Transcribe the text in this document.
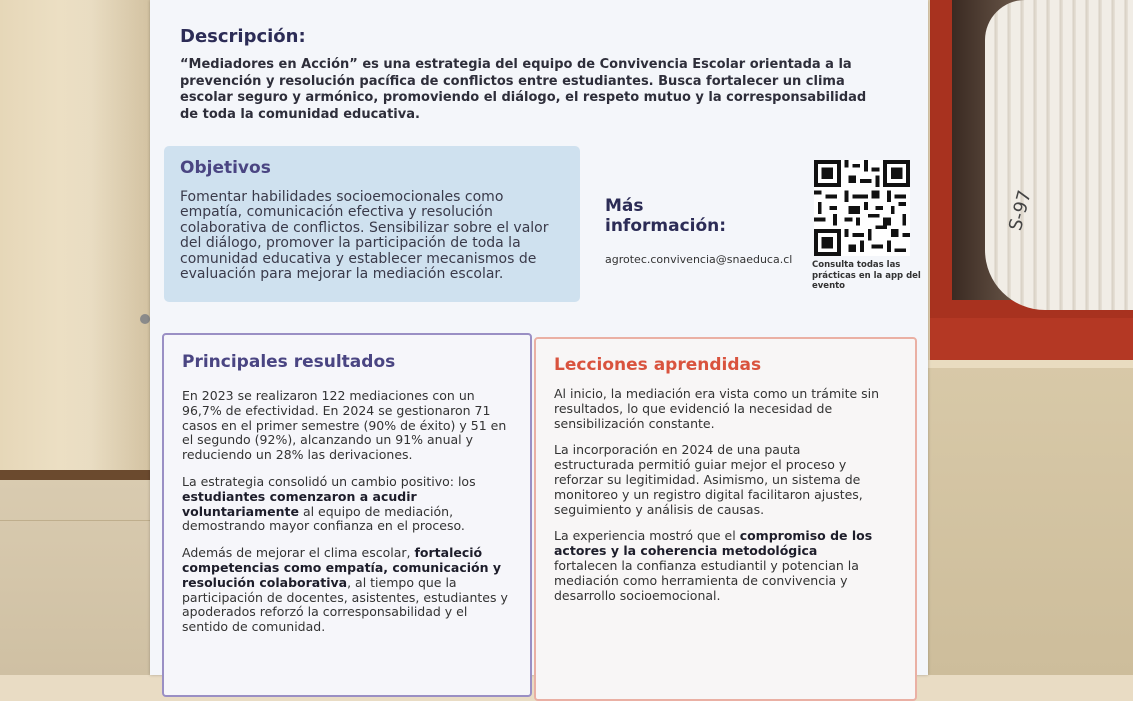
S-97
Descripción:

“Mediadores en Acción” es una estrategia del equipo de Convivencia Escolar orientada a la prevención y resolución pacífica de conflictos entre estudiantes. Busca fortalecer un clima escolar seguro y armónico, promoviendo el diálogo, el respeto mutuo y la corresponsabilidad de toda la comunidad educativa.

Objetivos

Fomentar habilidades socioemocionales como empatía, comunicación efectiva y resolución colaborativa de conflictos. Sensibilizar sobre el valor del diálogo, promover la participación de toda la comunidad educativa y establecer mecanismos de evaluación para mejorar la mediación escolar.

Más información:

agrotec.convivencia@snaeduca.cl Consulta todas las prácticas en la app del evento

Principales resultados

En 2023 se realizaron 122 mediaciones con un 96,7% de efectividad. En 2024 se gestionaron 71 casos en el primer semestre (90% de éxito) y 51 en el segundo (92%), alcanzando un 91% anual y reduciendo un 28% las derivaciones.

La estrategia consolidó un cambio positivo: los estudiantes comenzaron a acudir voluntariamente al equipo de mediación, demostrando mayor confianza en el proceso.

Además de mejorar el clima escolar, fortaleció competencias como empatía, comunicación y resolución colaborativa, al tiempo que la participación de docentes, asistentes, estudiantes y apoderados reforzó la corresponsabilidad y el sentido de comunidad.

Lecciones aprendidas

Al inicio, la mediación era vista como un trámite sin resultados, lo que evidenció la necesidad de sensibilización constante.

La incorporación en 2024 de una pauta estructurada permitió guiar mejor el proceso y reforzar su legitimidad. Asimismo, un sistema de monitoreo y un registro digital facilitaron ajustes, seguimiento y análisis de causas.

La experiencia mostró que el compromiso de los actores y la coherencia metodológica fortalecen la confianza estudiantil y potencian la mediación como herramienta de convivencia y desarrollo socioemocional.
